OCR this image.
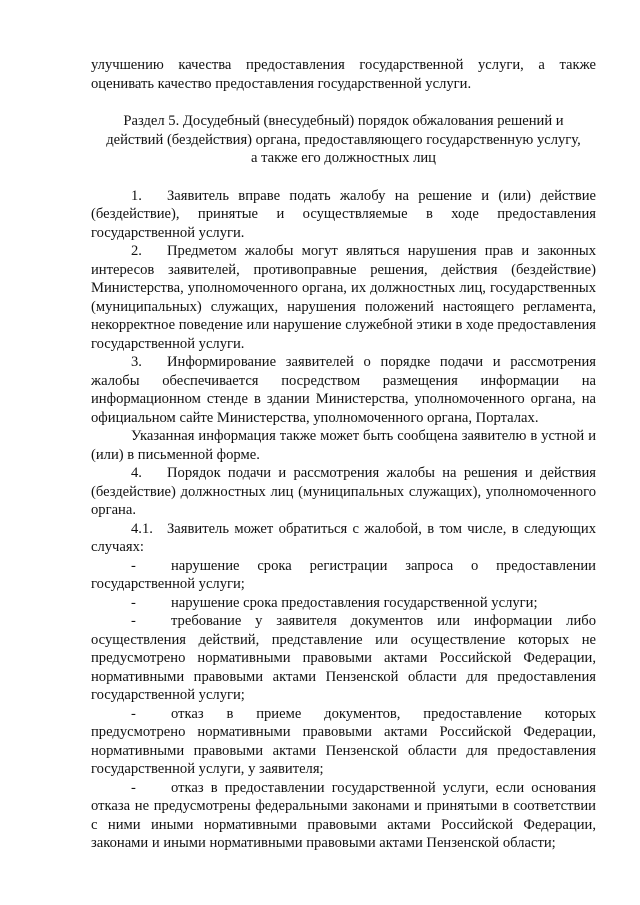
улучшению качества предоставления государственной услуги, а также оценивать качество предоставления государственной услуги.

Раздел 5. Досудебный (внесудебный) порядок обжалования решений и
действий (бездействия) органа, предоставляющего государственную услугу,
а также его должностных лиц

1. Заявитель вправе подать жалобу на решение и (или) действие (бездействие), принятые и осуществляемые в ходе предоставления государственной услуги.

2. Предметом жалобы могут являться нарушения прав и законных интересов заявителей, противоправные решения, действия (бездействие) Министерства, уполномоченного органа, их должностных лиц, государственных (муниципальных) служащих, нарушения положений настоящего регламента, некорректное поведение или нарушение служебной этики в ходе предоставления государственной услуги.

3. Информирование заявителей о порядке подачи и рассмотрения жалобы обеспечивается посредством размещения информации на информационном стенде в здании Министерства, уполномоченного органа, на официальном сайте Министерства, уполномоченного органа, Порталах.

Указанная информация также может быть сообщена заявителю в устной и (или) в письменной форме.

4. Порядок подачи и рассмотрения жалобы на решения и действия (бездействие) должностных лиц (муниципальных служащих), уполномоченного органа.

4.1. Заявитель может обратиться с жалобой, в том числе, в следующих случаях:

- нарушение срока регистрации запроса о предоставлении государственной услуги;

- нарушение срока предоставления государственной услуги;

- требование у заявителя документов или информации либо осуществления действий, представление или осуществление которых не предусмотрено нормативными правовыми актами Российской Федерации, нормативными правовыми актами Пензенской области для предоставления государственной услуги;

- отказ в приеме документов, предоставление которых предусмотрено нормативными правовыми актами Российской Федерации, нормативными правовыми актами Пензенской области для предоставления государственной услуги, у заявителя;

- отказ в предоставлении государственной услуги, если основания отказа не предусмотрены федеральными законами и принятыми в соответствии с ними иными нормативными правовыми актами Российской Федерации, законами и иными нормативными правовыми актами Пензенской области;
